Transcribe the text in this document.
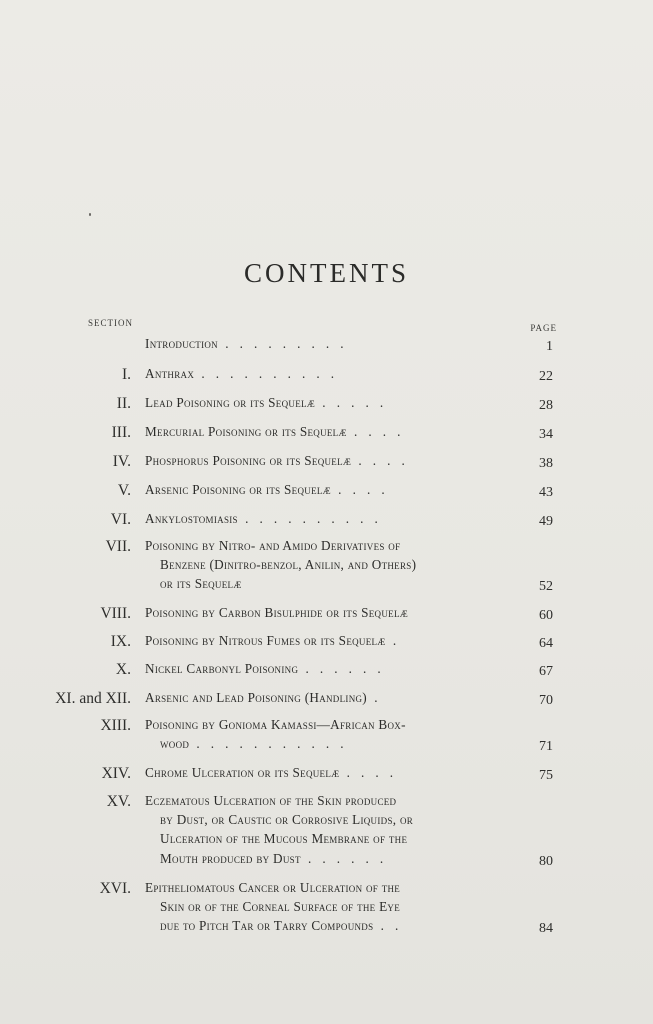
CONTENTS
SECTION	PAGE
Introduction  .   .   .   .   .   .   .   .   .	1
I. Anthrax  .   .   .   .   .   .   .   .   .   .	22
II. Lead Poisoning or its Sequelæ  .   .   .   .   .	28
III. Mercurial Poisoning or its Sequelæ  .   .   .   .	34
IV. Phosphorus Poisoning or its Sequelæ  .   .   .   .	38
V. Arsenic Poisoning or its Sequelæ  .   .   .   .	43
VI. Ankylostomiasis  .   .   .   .   .   .   .   .   .   .	49
VII. Poisoning by Nitro- and Amido Derivatives of
Benzene (Dinitro-benzol, Anilin, and Others)
or its Sequelæ	52
VIII. Poisoning by Carbon Bisulphide or its Sequelæ	60
IX. Poisoning by Nitrous Fumes or its Sequelæ  .	64
X. Nickel Carbonyl Poisoning  .   .   .   .   .   .	67
XI. and XII. Arsenic and Lead Poisoning (Handling)  .	70
XIII. Poisoning by Gonioma Kamassi—African Box-
wood  .   .   .   .   .   .   .   .   .   .   .	71
XIV. Chrome Ulceration or its Sequelæ  .   .   .   .	75
XV. Eczematous Ulceration of the Skin produced
by Dust, or Caustic or Corrosive Liquids, or
Ulceration of the Mucous Membrane of the
Mouth produced by Dust  .   .   .   .   .   .	80
XVI. Epitheliomatous Cancer or Ulceration of the
Skin or of the Corneal Surface of the Eye
due to Pitch Tar or Tarry Compounds  .   .	84
